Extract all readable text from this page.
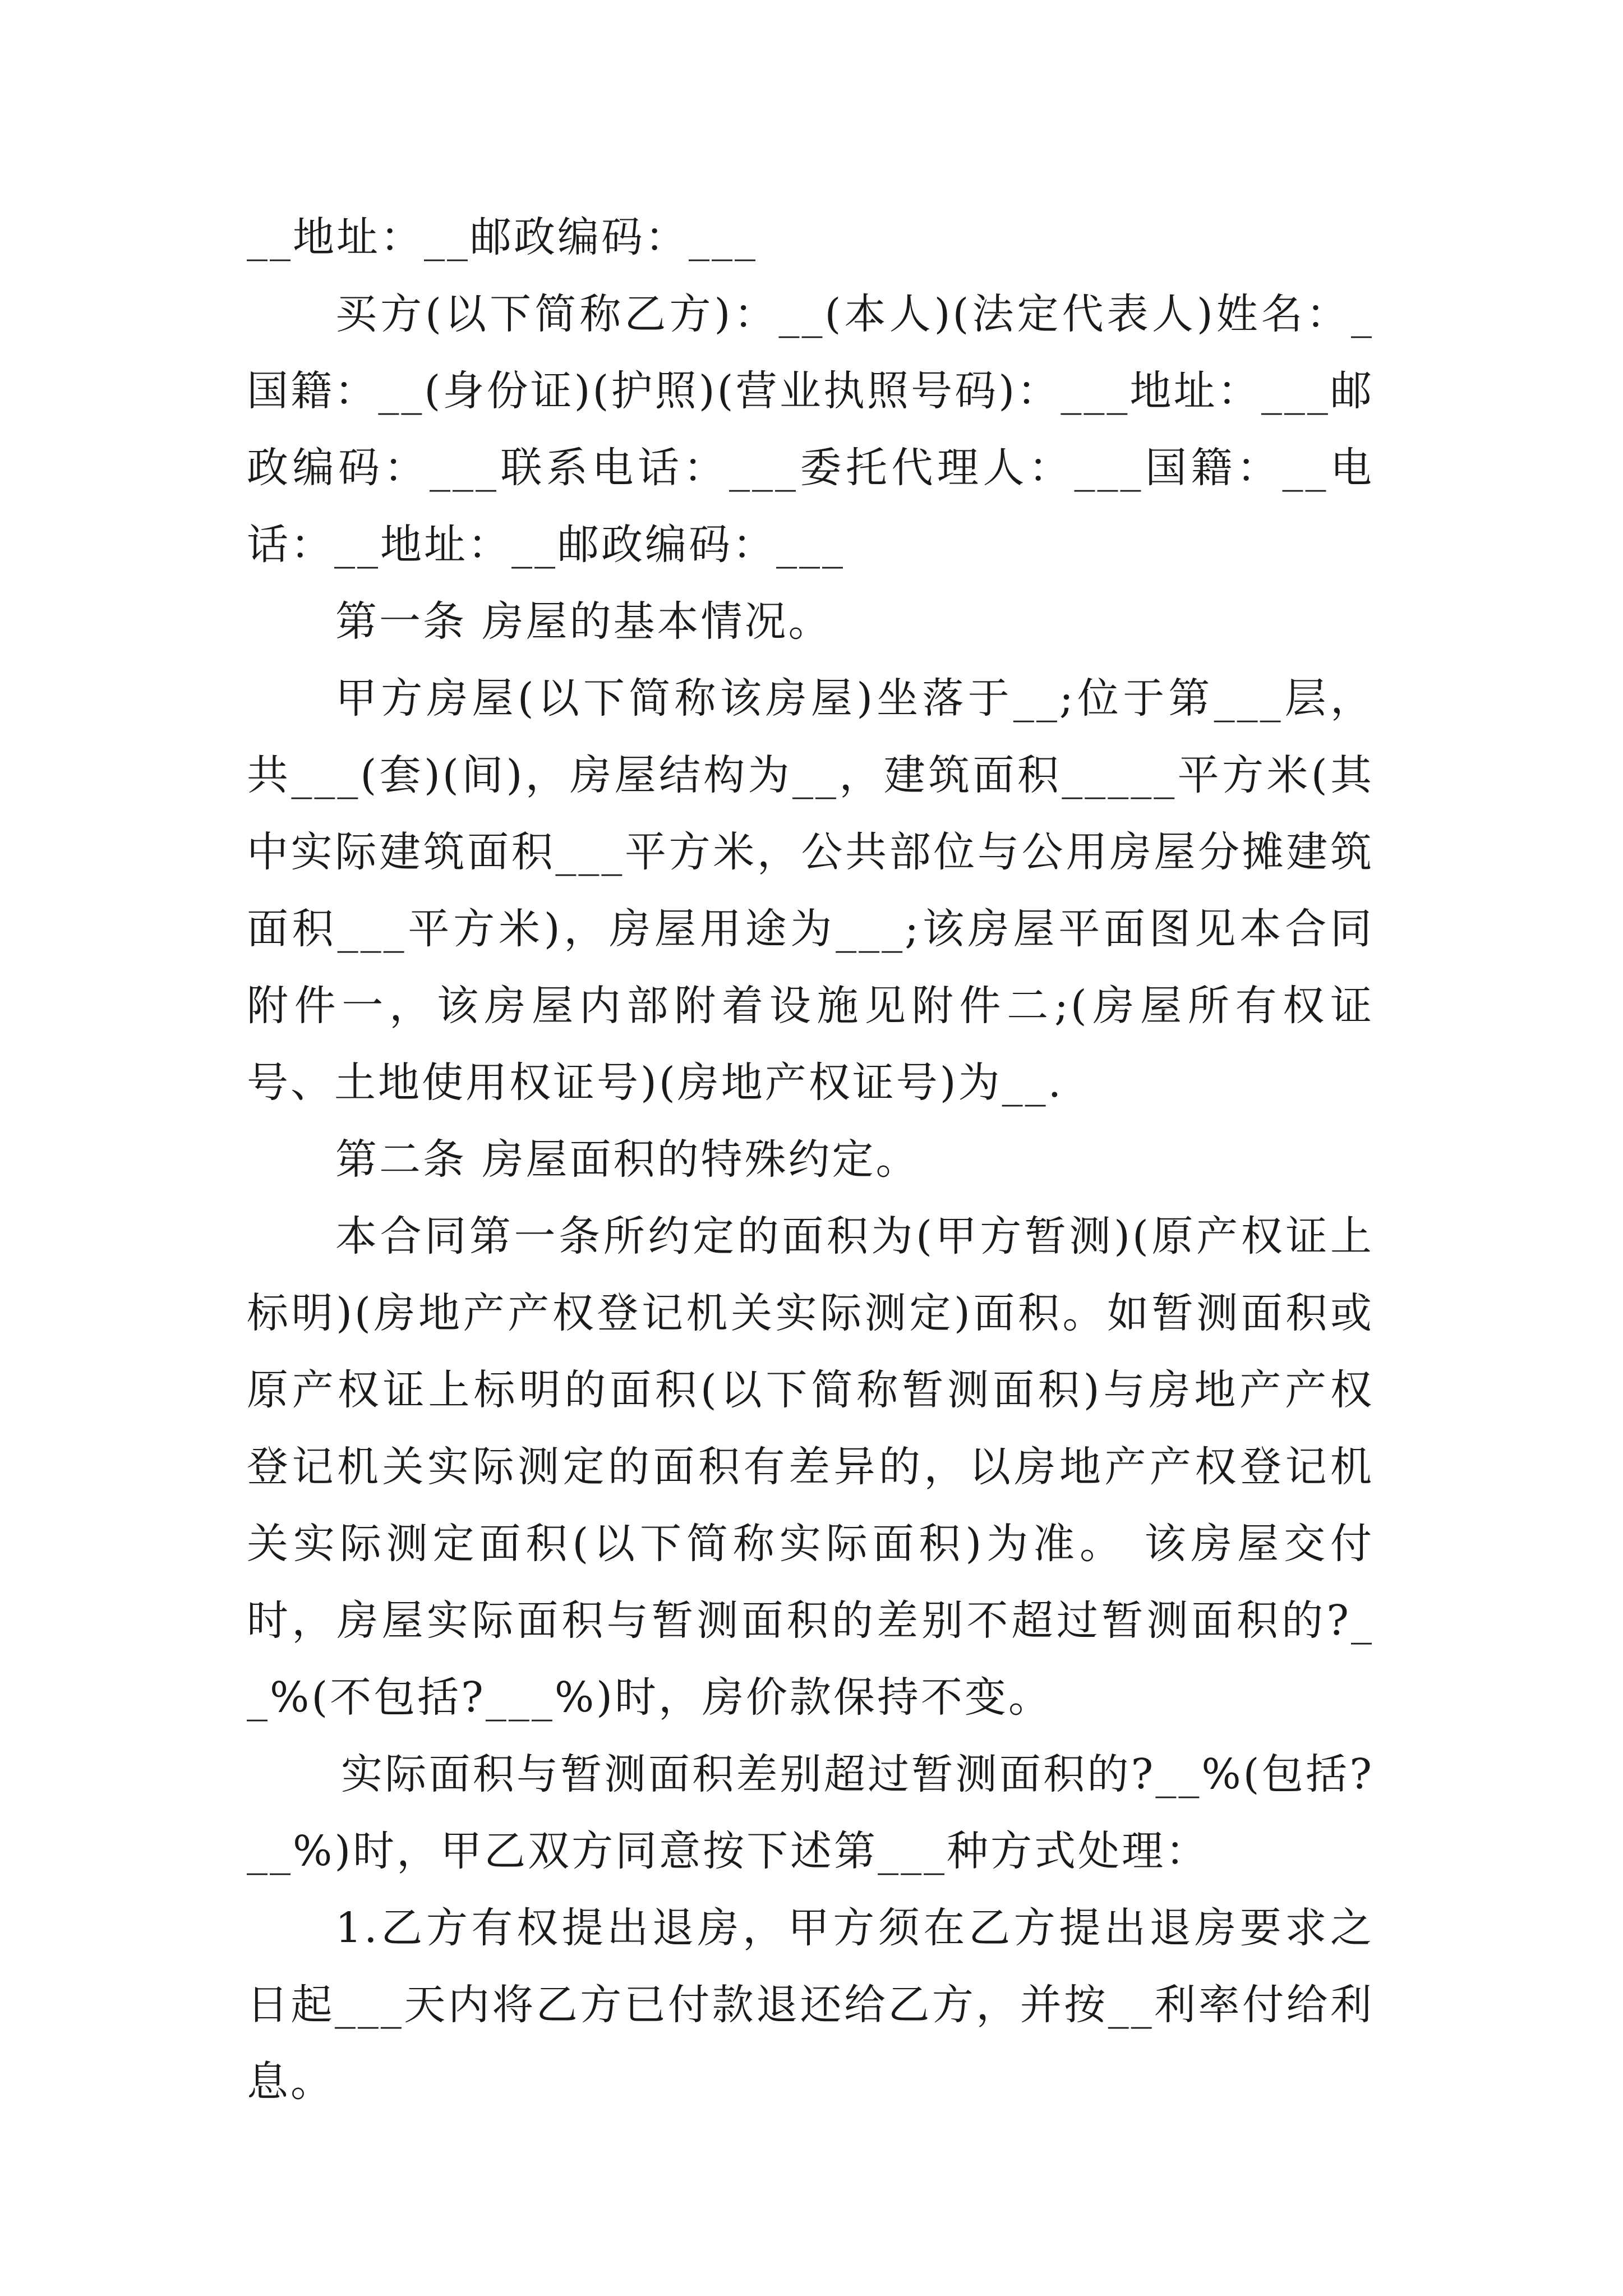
__地址：__邮政编码：___

买方(以下简称乙方)：__(本人)(法定代表人)姓名：_国籍：__(身份证)(护照)(营业执照号码)：___地址：___邮政编码：___联系电话：___委托代理人：___国籍：__电话：__地址：__邮政编码：___

第一条 房屋的基本情况。

甲方房屋(以下简称该房屋)坐落于__;位于第___层，共___(套)(间)，房屋结构为__，建筑面积_____平方米(其中实际建筑面积___平方米，公共部位与公用房屋分摊建筑面积___平方米)，房屋用途为___;该房屋平面图见本合同附件一，该房屋内部附着设施见附件二;(房屋所有权证号、土地使用权证号)(房地产权证号)为__.

第二条 房屋面积的特殊约定。

本合同第一条所约定的面积为(甲方暂测)(原产权证上标明)(房地产产权登记机关实际测定)面积。如暂测面积或原产权证上标明的面积(以下简称暂测面积)与房地产产权登记机关实际测定的面积有差异的，以房地产产权登记机关实际测定面积(以下简称实际面积)为准。 该房屋交付时，房屋实际面积与暂测面积的差别不超过暂测面积的?__%(不包括?___%)时，房价款保持不变。

实际面积与暂测面积差别超过暂测面积的?__%(包括?__%)时，甲乙双方同意按下述第___种方式处理：

1.乙方有权提出退房，甲方须在乙方提出退房要求之日起___天内将乙方已付款退还给乙方，并按__利率付给利息。
